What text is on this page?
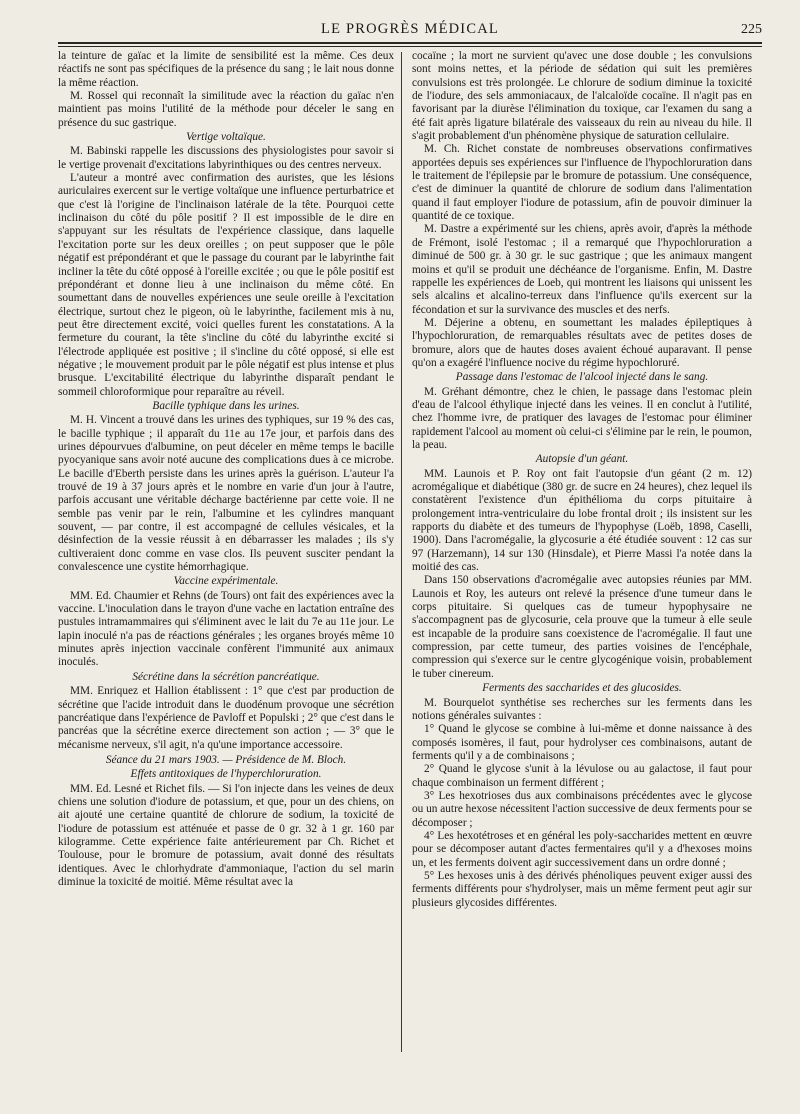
LE PROGRÈS MÉDICAL	225

la teinture de gaïac et la limite de sensibilité est la même. Ces deux réactifs ne sont pas spécifiques de la présence du sang ; le lait nous donne la même réaction.

M. Rossel qui reconnaît la similitude avec la réaction du gaïac n'en maintient pas moins l'utilité de la méthode pour déceler le sang en présence du suc gastrique.

Vertige voltaïque.

M. Babinski rappelle les discussions des physiologistes pour savoir si le vertige provenait d'excitations labyrinthiques ou des centres nerveux.

L'auteur a montré avec confirmation des auristes, que les lésions auriculaires exercent sur le vertige voltaïque une influence perturbatrice et que c'est là l'origine de l'inclinaison latérale de la tête. Pourquoi cette inclinaison du côté du pôle positif ? Il est impossible de le dire en s'appuyant sur les résultats de l'expérience classique, dans laquelle l'excitation porte sur les deux oreilles ; on peut supposer que le pôle négatif est prépondérant et que le passage du courant par le labyrinthe fait incliner la tête du côté opposé à l'oreille excitée ; ou que le pôle positif est prépondérant et donne lieu à une inclinaison du même côté. En soumettant dans de nouvelles expériences une seule oreille à l'excitation électrique, surtout chez le pigeon, où le labyrinthe, facilement mis à nu, peut être directement excité, voici quelles furent les constatations. A la fermeture du courant, la tête s'incline du côté du labyrinthe excité si l'électrode appliquée est positive ; il s'incline du côté opposé, si elle est négative ; le mouvement produit par le pôle négatif est plus intense et plus brusque. L'excitabilité électrique du labyrinthe disparaît pendant le sommeil chloroformique pour reparaître au réveil.

Bacille typhique dans les urines.

M. H. Vincent a trouvé dans les urines des typhiques, sur 19 % des cas, le bacille typhique ; il apparaît du 11e au 17e jour, et parfois dans des urines dépourvues d'albumine, on peut déceler en même temps le bacille pyocyanique sans avoir noté aucune des complications dues à ce microbe. Le bacille d'Eberth persiste dans les urines après la guérison. L'auteur l'a trouvé de 19 à 37 jours après et le nombre en varie d'un jour à l'autre, parfois accusant une véritable décharge bactérienne par cette voie. Il ne semble pas venir par le rein, l'albumine et les cylindres manquant souvent, — par contre, il est accompagné de cellules vésicales, et la désinfection de la vessie réussit à en débarrasser les malades ; ils s'y cultiveraient donc comme en vase clos. Ils peuvent susciter pendant la convalescence une cystite hémorrhagique.

Vaccine expérimentale.

MM. Ed. Chaumier et Rehns (de Tours) ont fait des expériences avec la vaccine. L'inoculation dans le trayon d'une vache en lactation entraîne des pustules intramammaires qui s'éliminent avec le lait du 7e au 11e jour. Le lapin inoculé n'a pas de réactions générales ; les organes broyés même 10 minutes après injection vaccinale confèrent l'immunité aux animaux inoculés.

Sécrétine dans la sécrétion pancréatique.

MM. Enriquez et Hallion établissent : 1° que c'est par production de sécrétine que l'acide introduit dans le duodénum provoque une sécrétion pancréatique dans l'expérience de Pavloff et Populski ; 2° que c'est dans le pancréas que la sécrétine exerce directement son action ; — 3° que le mécanisme nerveux, s'il agit, n'a qu'une importance accessoire.

Séance du 21 mars 1903. — Présidence de M. Bloch.

Effets antitoxiques de l'hyperchloruration.

MM. Ed. Lesné et Richet fils. — Si l'on injecte dans les veines de deux chiens une solution d'iodure de potassium, et que, pour un des chiens, on ait ajouté une certaine quantité de chlorure de sodium, la toxicité de l'iodure de potassium est atténuée et passe de 0 gr. 32 à 1 gr. 160 par kilogramme. Cette expérience faite antérieurement par Ch. Richet et Toulouse, pour le bromure de potassium, avait donné des résultats identiques. Avec le chlorhydrate d'ammoniaque, l'action du sel marin diminue la toxicité de moitié. Même résultat avec la

cocaïne ; la mort ne survient qu'avec une dose double ; les convulsions sont moins nettes, et la période de sédation qui suit les premières convulsions est très prolongée. Le chlorure de sodium diminue la toxicité de l'iodure, des sels ammoniacaux, de l'alcaloïde cocaïne. Il n'agit pas en favorisant par la diurèse l'élimination du toxique, car l'examen du sang a été fait après ligature bilatérale des vaisseaux du rein au niveau du hile. Il s'agit probablement d'un phénomène physique de saturation cellulaire.

M. Ch. Richet constate de nombreuses observations confirmatives apportées depuis ses expériences sur l'influence de l'hypochloruration dans le traitement de l'épilepsie par le bromure de potassium. Une conséquence, c'est de diminuer la quantité de chlorure de sodium dans l'alimentation quand il faut employer l'iodure de potassium, afin de pouvoir diminuer la quantité de ce toxique.

M. Dastre a expérimenté sur les chiens, après avoir, d'après la méthode de Frémont, isolé l'estomac ; il a remarqué que l'hypochloruration a diminué de 500 gr. à 30 gr. le suc gastrique ; que les animaux mangent moins et qu'il se produit une déchéance de l'organisme. Enfin, M. Dastre rappelle les expériences de Loeb, qui montrent les liaisons qui unissent les sels alcalins et alcalino-terreux dans l'influence qu'ils exercent sur la fécondation et sur la survivance des muscles et des nerfs.

M. Déjerine a obtenu, en soumettant les malades épileptiques à l'hypochloruration, de remarquables résultats avec de petites doses de bromure, alors que de hautes doses avaient échoué auparavant. Il pense qu'on a exagéré l'influence nocive du régime hypochloruré.

Passage dans l'estomac de l'alcool injecté dans le sang.

M. Gréhant démontre, chez le chien, le passage dans l'estomac plein d'eau de l'alcool éthylique injecté dans les veines. Il en conclut à l'utilité, chez l'homme ivre, de pratiquer des lavages de l'estomac pour éliminer rapidement l'alcool au moment où celui-ci s'élimine par le rein, le poumon, la peau.

Autopsie d'un géant.

MM. Launois et P. Roy ont fait l'autopsie d'un géant (2 m. 12) acromégalique et diabétique (380 gr. de sucre en 24 heures), chez lequel ils constatèrent l'existence d'un épithélioma du corps pituitaire à prolongement intra-ventriculaire du lobe frontal droit ; ils insistent sur les rapports du diabète et des tumeurs de l'hypophyse (Loëb, 1898, Caselli, 1900). Dans l'acromégalie, la glycosurie a été étudiée souvent : 12 cas sur 97 (Harzemann), 14 sur 130 (Hinsdale), et Pierre Massi l'a notée dans la moitié des cas.

Dans 150 observations d'acromégalie avec autopsies réunies par MM. Launois et Roy, les auteurs ont relevé la présence d'une tumeur dans le corps pituitaire. Si quelques cas de tumeur hypophysaire ne s'accompagnent pas de glycosurie, cela prouve que la tumeur à elle seule est incapable de la produire sans coexistence de l'acromégalie. Il faut une compression, par cette tumeur, des parties voisines de l'encéphale, compression qui s'exerce sur le centre glycogénique voisin, probablement le tuber cinereum.

Ferments des saccharides et des glucosides.

M. Bourquelot synthétise ses recherches sur les ferments dans les notions générales suivantes :

1° Quand le glycose se combine à lui-même et donne naissance à des composés isomères, il faut, pour hydrolyser ces combinaisons, autant de ferments qu'il y a de combinaisons ;

2° Quand le glycose s'unit à la lévulose ou au galactose, il faut pour chaque combinaison un ferment différent ;

3° Les hexotrioses dus aux combinaisons précédentes avec le glycose ou un autre hexose nécessitent l'action successive de deux ferments pour se décomposer ;

4° Les hexotétroses et en général les poly-saccharides mettent en œuvre pour se décomposer autant d'actes fermentaires qu'il y a d'hexoses moins un, et les ferments doivent agir successivement dans un ordre donné ;

5° Les hexoses unis à des dérivés phénoliques peuvent exiger aussi des ferments différents pour s'hydrolyser, mais un même ferment peut agir sur plusieurs glycosides différentes.
